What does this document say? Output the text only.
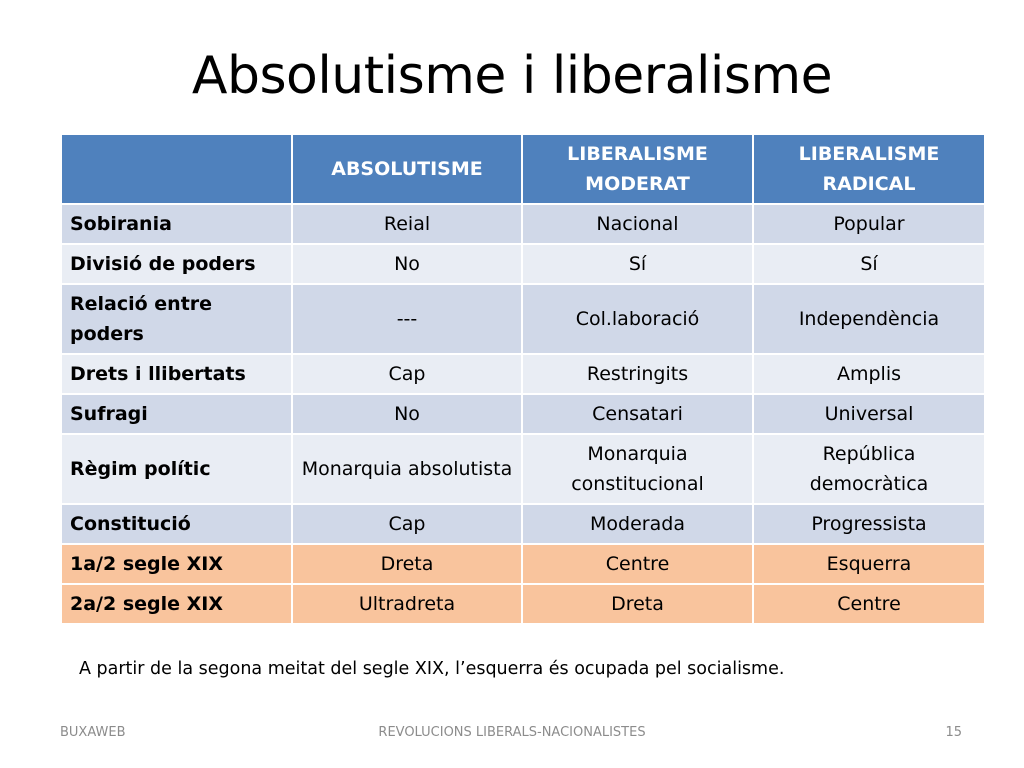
Absolutisme i liberalisme
	ABSOLUTISME	LIBERALISME MODERAT	LIBERALISME RADICAL
Sobirania	Reial	Nacional	Popular
Divisió de poders	No	Sí	Sí
Relació entre poders	---	Col.laboració	Independència
Drets i llibertats	Cap	Restringits	Amplis
Sufragi	No	Censatari	Universal
Règim polític	Monarquia absolutista	Monarquia constitucional	República democràtica
Constitució	Cap	Moderada	Progressista
1a/2 segle XIX	Dreta	Centre	Esquerra
2a/2 segle XIX	Ultradreta	Dreta	Centre
A partir de la segona meitat del segle XIX, l’esquerra és ocupada pel socialisme.
BUXAWEB	REVOLUCIONS LIBERALS-NACIONALISTES	15
